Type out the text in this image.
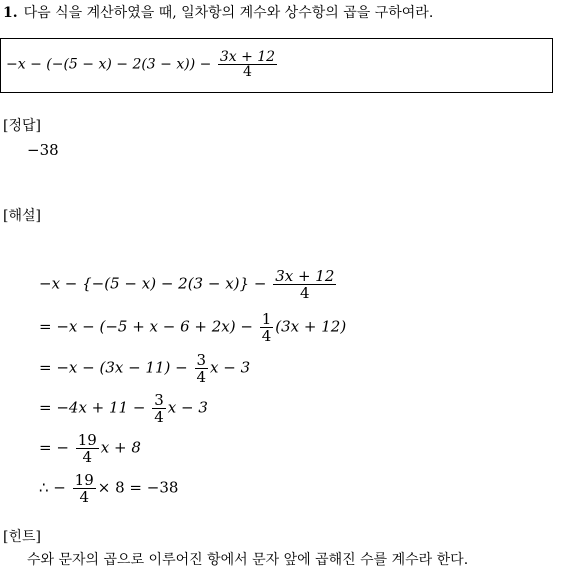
1. 다음 식을 계산하였을 때, 일차항의 계수와 상수항의 곱을 구하여라.
$-x - (-(5 - x) - 2(3 - x)) - \frac{3x + 12}{4}$
[정답]
−38
[해설]
$-x - \{-(5 - x) - 2(3 - x)\} - \frac{3x + 12}{4}$
= $-x - (-5 + x - 6 + 2x) - \frac{1}{4} (3x + 12)$
= $-x - (3x - 11) - \frac{3}{4}$ x − 3
= $-4x + 11 - \frac{3}{4}$ x − 3
= − $\frac{19}{4}$ x + 8
∴ − $\frac{19}{4} \times 8 = -38$
[힌트]
수와 문자의 곱으로 이루어진 항에서 문자 앞에 곱해진 수를 계수라 한다.
